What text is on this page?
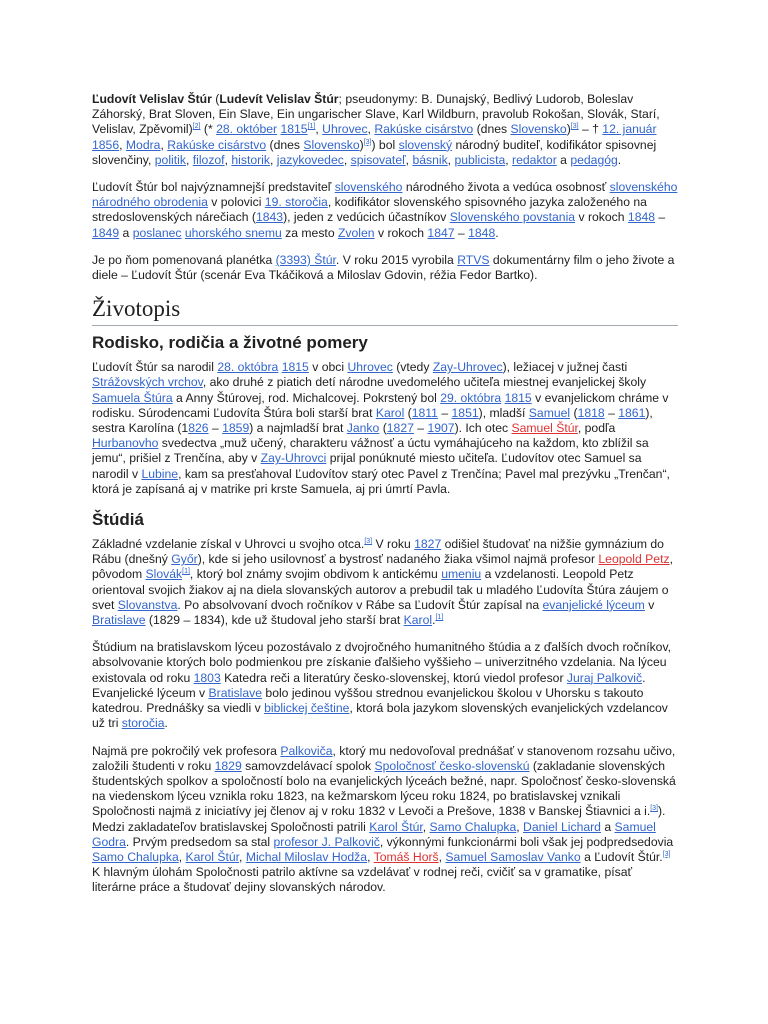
Ľudovít Velislav Štúr (Ludevít Velislav Štúr; pseudonymy: B. Dunajský, Bedlivý Ludorob, Boleslav Záhorský, Brat Sloven, Ein Slave, Ein ungarischer Slave, Karl Wildburn, pravolub Rokošan, Slovák, Starí, Velislav, Zpěvomil)[2] (* 28. október 1815[1], Uhrovec, Rakúske cisárstvo (dnes Slovensko)[3] – † 12. január 1856, Modra, Rakúske cisárstvo (dnes Slovensko)[3]) bol slovenský národný buditeľ, kodifikátor spisovnej slovenčiny, politik, filozof, historik, jazykovedec, spisovateľ, básnik, publicista, redaktor a pedagóg.

Ľudovít Štúr bol najvýznamnejší predstaviteľ slovenského národného života a vedúca osobnosť slovenského národného obrodenia v polovici 19. storočia, kodifikátor slovenského spisovného jazyka založeného na stredoslovenských nárečiach (1843), jeden z vedúcich účastníkov Slovenského povstania v rokoch 1848 – 1849 a poslanec uhorského snemu za mesto Zvolen v rokoch 1847 – 1848.

Je po ňom pomenovaná planétka (3393) Štúr. V roku 2015 vyrobila RTVS dokumentárny film o jeho živote a diele – Ľudovít Štúr (scenár Eva Tkáčiková a Miloslav Gdovin, réžia Fedor Bartko).

Životopis
Rodisko, rodičia a životné pomery

Ľudovít Štúr sa narodil 28. októbra 1815 v obci Uhrovec (vtedy Zay-Uhrovec), ležiacej v južnej časti Strážovských vrchov, ako druhé z piatich detí národne uvedomelého učiteľa miestnej evanjelickej školy Samuela Štúra a Anny Štúrovej, rod. Michalcovej. Pokrstený bol 29. októbra 1815 v evanjelickom chráme v rodisku. Súrodencami Ľudovíta Štúra boli starší brat Karol (1811 – 1851), mladší Samuel (1818 – 1861), sestra Karolína (1826 – 1859) a najmladší brat Janko (1827 – 1907). Ich otec Samuel Štúr, podľa Hurbanovho svedectva „muž učený, charakteru vážnosť a úctu vymáhajúceho na každom, kto zblížil sa jemu“, prišiel z Trenčína, aby v Zay-Uhrovci prijal ponúknuté miesto učiteľa. Ľudovítov otec Samuel sa narodil v Lubine, kam sa presťahoval Ľudovítov starý otec Pavel z Trenčína; Pavel mal prezývku „Trenčan“, ktorá je zapísaná aj v matrike pri krste Samuela, aj pri úmrtí Pavla.

Štúdiá

Základné vzdelanie získal v Uhrovci u svojho otca.[3] V roku 1827 odišiel študovať na nižšie gymnázium do Rábu (dnešný Győr), kde si jeho usilovnosť a bystrosť nadaného žiaka všimol najmä profesor Leopold Petz, pôvodom Slovák[1], ktorý bol známy svojim obdivom k antickému umeniu a vzdelanosti. Leopold Petz orientoval svojich žiakov aj na diela slovanských autorov a prebudil tak u mladého Ľudovíta Štúra záujem o svet Slovanstva. Po absolvovaní dvoch ročníkov v Rábe sa Ľudovít Štúr zapísal na evanjelické lýceum v Bratislave (1829 – 1834), kde už študoval jeho starší brat Karol.[1]

Štúdium na bratislavskom lýceu pozostávalo z dvojročného humanitného štúdia a z ďalších dvoch ročníkov, absolvovanie ktorých bolo podmienkou pre získanie ďalšieho vyššieho – univerzitného vzdelania. Na lýceu existovala od roku 1803 Katedra reči a literatúry česko-slovenskej, ktorú viedol profesor Juraj Palkovič. Evanjelické lýceum v Bratislave bolo jedinou vyššou strednou evanjelickou školou v Uhorsku s takouto katedrou. Prednášky sa viedli v biblickej češtine, ktorá bola jazykom slovenských evanjelických vzdelancov už tri storočia.

Najmä pre pokročilý vek profesora Palkoviča, ktorý mu nedovoľoval prednášať v stanovenom rozsahu učivo, založili študenti v roku 1829 samovzdelávací spolok Spoločnosť česko-slovenskú (zakladanie slovenských študentských spolkov a spoločností bolo na evanjelických lýceách bežné, napr. Spoločnosť česko-slovenská na viedenskom lýceu vznikla roku 1823, na kežmarskom lýceu roku 1824, po bratislavskej vznikali Spoločnosti najmä z iniciatívy jej členov aj v roku 1832 v Levoči a Prešove, 1838 v Banskej Štiavnici a i.[3]). Medzi zakladateľov bratislavskej Spoločnosti patrili Karol Štúr, Samo Chalupka, Daniel Lichard a Samuel Godra. Prvým predsedom sa stal profesor J. Palkovič, výkonnými funkcionármi boli však jej podpredsedovia Samo Chalupka, Karol Štúr, Michal Miloslav Hodža, Tomáš Horš, Samuel Samoslav Vanko a Ľudovít Štúr.[3] K hlavným úlohám Spoločnosti patrilo aktívne sa vzdelávať v rodnej reči, cvičiť sa v gramatike, písať literárne práce a študovať dejiny slovanských národov.
